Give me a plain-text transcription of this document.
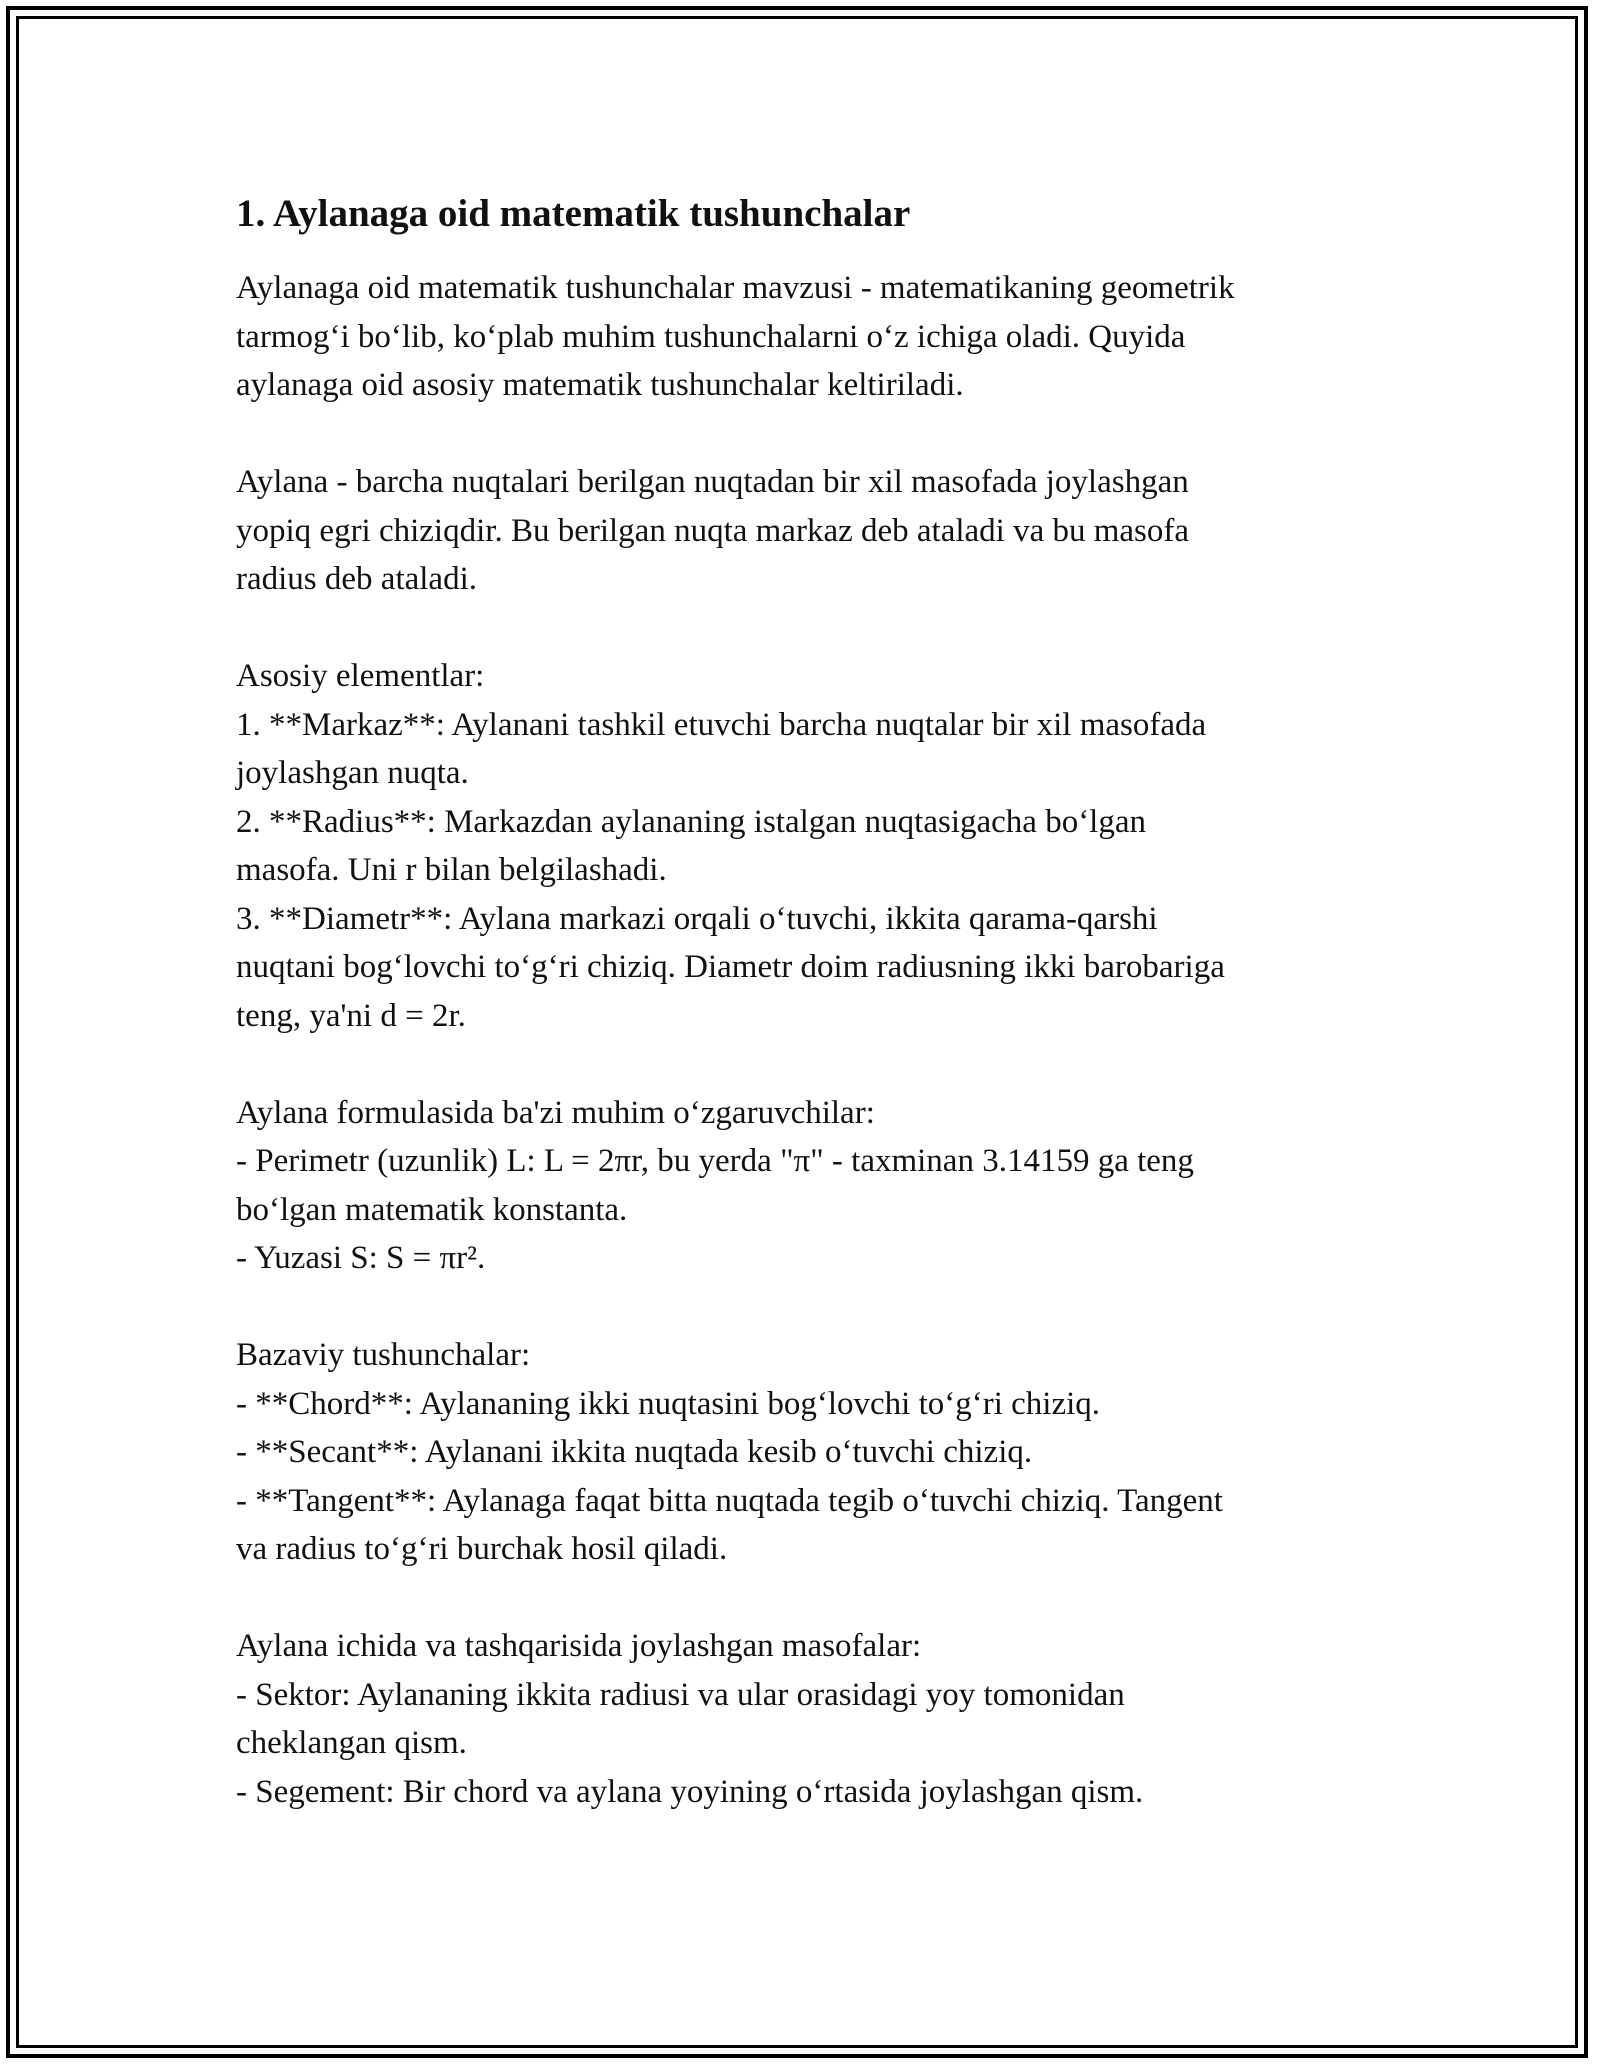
1. Aylanaga oid matematik tushunchalar
Aylanaga oid matematik tushunchalar mavzusi - matematikaning geometrik
tarmog‘i bo‘lib, ko‘plab muhim tushunchalarni o‘z ichiga oladi. Quyida
aylanaga oid asosiy matematik tushunchalar keltiriladi.
Aylana - barcha nuqtalari berilgan nuqtadan bir xil masofada joylashgan
yopiq egri chiziqdir. Bu berilgan nuqta markaz deb ataladi va bu masofa
radius deb ataladi.
Asosiy elementlar:
1. **Markaz**: Aylanani tashkil etuvchi barcha nuqtalar bir xil masofada
joylashgan nuqta.
2. **Radius**: Markazdan aylananing istalgan nuqtasigacha bo‘lgan
masofa. Uni r bilan belgilashadi.
3. **Diametr**: Aylana markazi orqali o‘tuvchi, ikkita qarama-qarshi
nuqtani bog‘lovchi to‘g‘ri chiziq. Diametr doim radiusning ikki barobariga
teng, ya'ni d = 2r.
Aylana formulasida ba'zi muhim o‘zgaruvchilar:
- Perimetr (uzunlik) L: L = 2πr, bu yerda "π" - taxminan 3.14159 ga teng
bo‘lgan matematik konstanta.
- Yuzasi S: S = πr².
Bazaviy tushunchalar:
- **Chord**: Aylananing ikki nuqtasini bog‘lovchi to‘g‘ri chiziq.
- **Secant**: Aylanani ikkita nuqtada kesib o‘tuvchi chiziq.
- **Tangent**: Aylanaga faqat bitta nuqtada tegib o‘tuvchi chiziq. Tangent
va radius to‘g‘ri burchak hosil qiladi.
Aylana ichida va tashqarisida joylashgan masofalar:
- Sektor: Aylananing ikkita radiusi va ular orasidagi yoy tomonidan
cheklangan qism.
- Segement: Bir chord va aylana yoyining o‘rtasida joylashgan qism.
